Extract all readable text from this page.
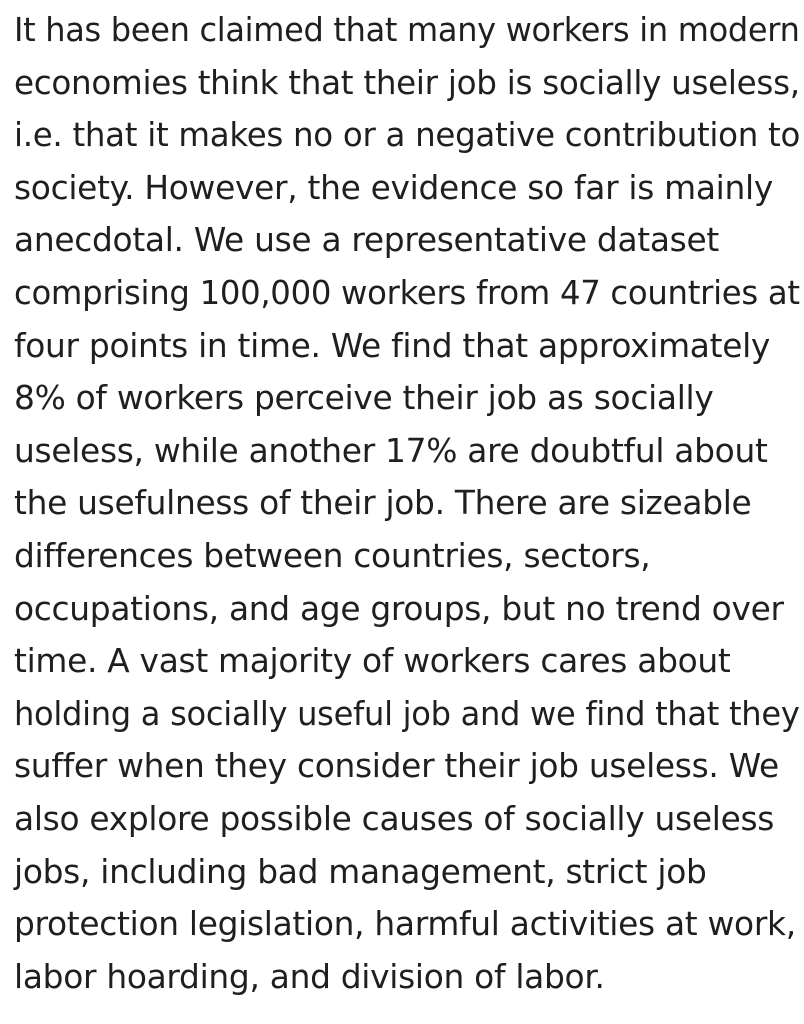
It has been claimed that many workers in modern
economies think that their job is socially useless,
i.e. that it makes no or a negative contribution to
society. However, the evidence so far is mainly
anecdotal. We use a representative dataset
comprising 100,000 workers from 47 countries at
four points in time. We find that approximately
8% of workers perceive their job as socially
useless, while another 17% are doubtful about
the usefulness of their job. There are sizeable
differences between countries, sectors,
occupations, and age groups, but no trend over
time. A vast majority of workers cares about
holding a socially useful job and we find that they
suffer when they consider their job useless. We
also explore possible causes of socially useless
jobs, including bad management, strict job
protection legislation, harmful activities at work,
labor hoarding, and division of labor.
